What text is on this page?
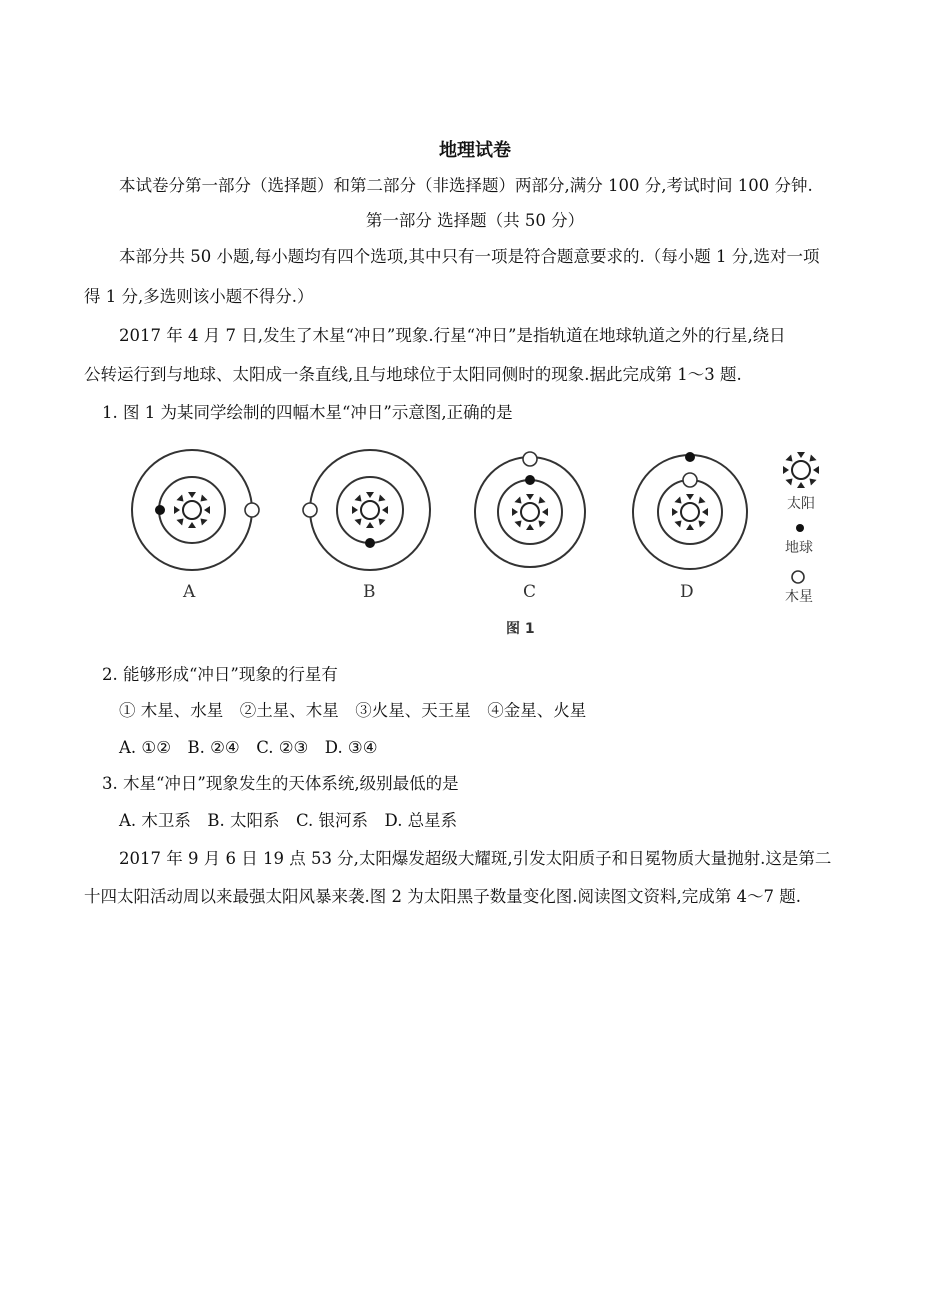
地理试卷
本试卷分第一部分（选择题）和第二部分（非选择题）两部分,满分 100 分,考试时间 100 分钟.
第一部分 选择题（共 50 分）
本部分共 50 小题,每小题均有四个选项,其中只有一项是符合题意要求的.（每小题 1 分,选对一项
得 1 分,多选则该小题不得分.）
2017 年 4 月 7 日,发生了木星“冲日”现象.行星“冲日”是指轨道在地球轨道之外的行星,绕日
公转运行到与地球、太阳成一条直线,且与地球位于太阳同侧时的现象.据此完成第 1～3 题.
1. 图 1 为某同学绘制的四幅木星“冲日”示意图,正确的是
A	B	C	D
太阳
地球
木星
图 1
2. 能够形成“冲日”现象的行星有
① 木星、水星　②土星、木星　③火星、天王星　④金星、火星
A. ①②　B. ②④　C. ②③　D. ③④
3. 木星“冲日”现象发生的天体系统,级别最低的是
A. 木卫系　B. 太阳系　C. 银河系　D. 总星系
2017 年 9 月 6 日 19 点 53 分,太阳爆发超级大耀斑,引发太阳质子和日冕物质大量抛射.这是第二
十四太阳活动周以来最强太阳风暴来袭.图 2 为太阳黑子数量变化图.阅读图文资料,完成第 4～7 题.
